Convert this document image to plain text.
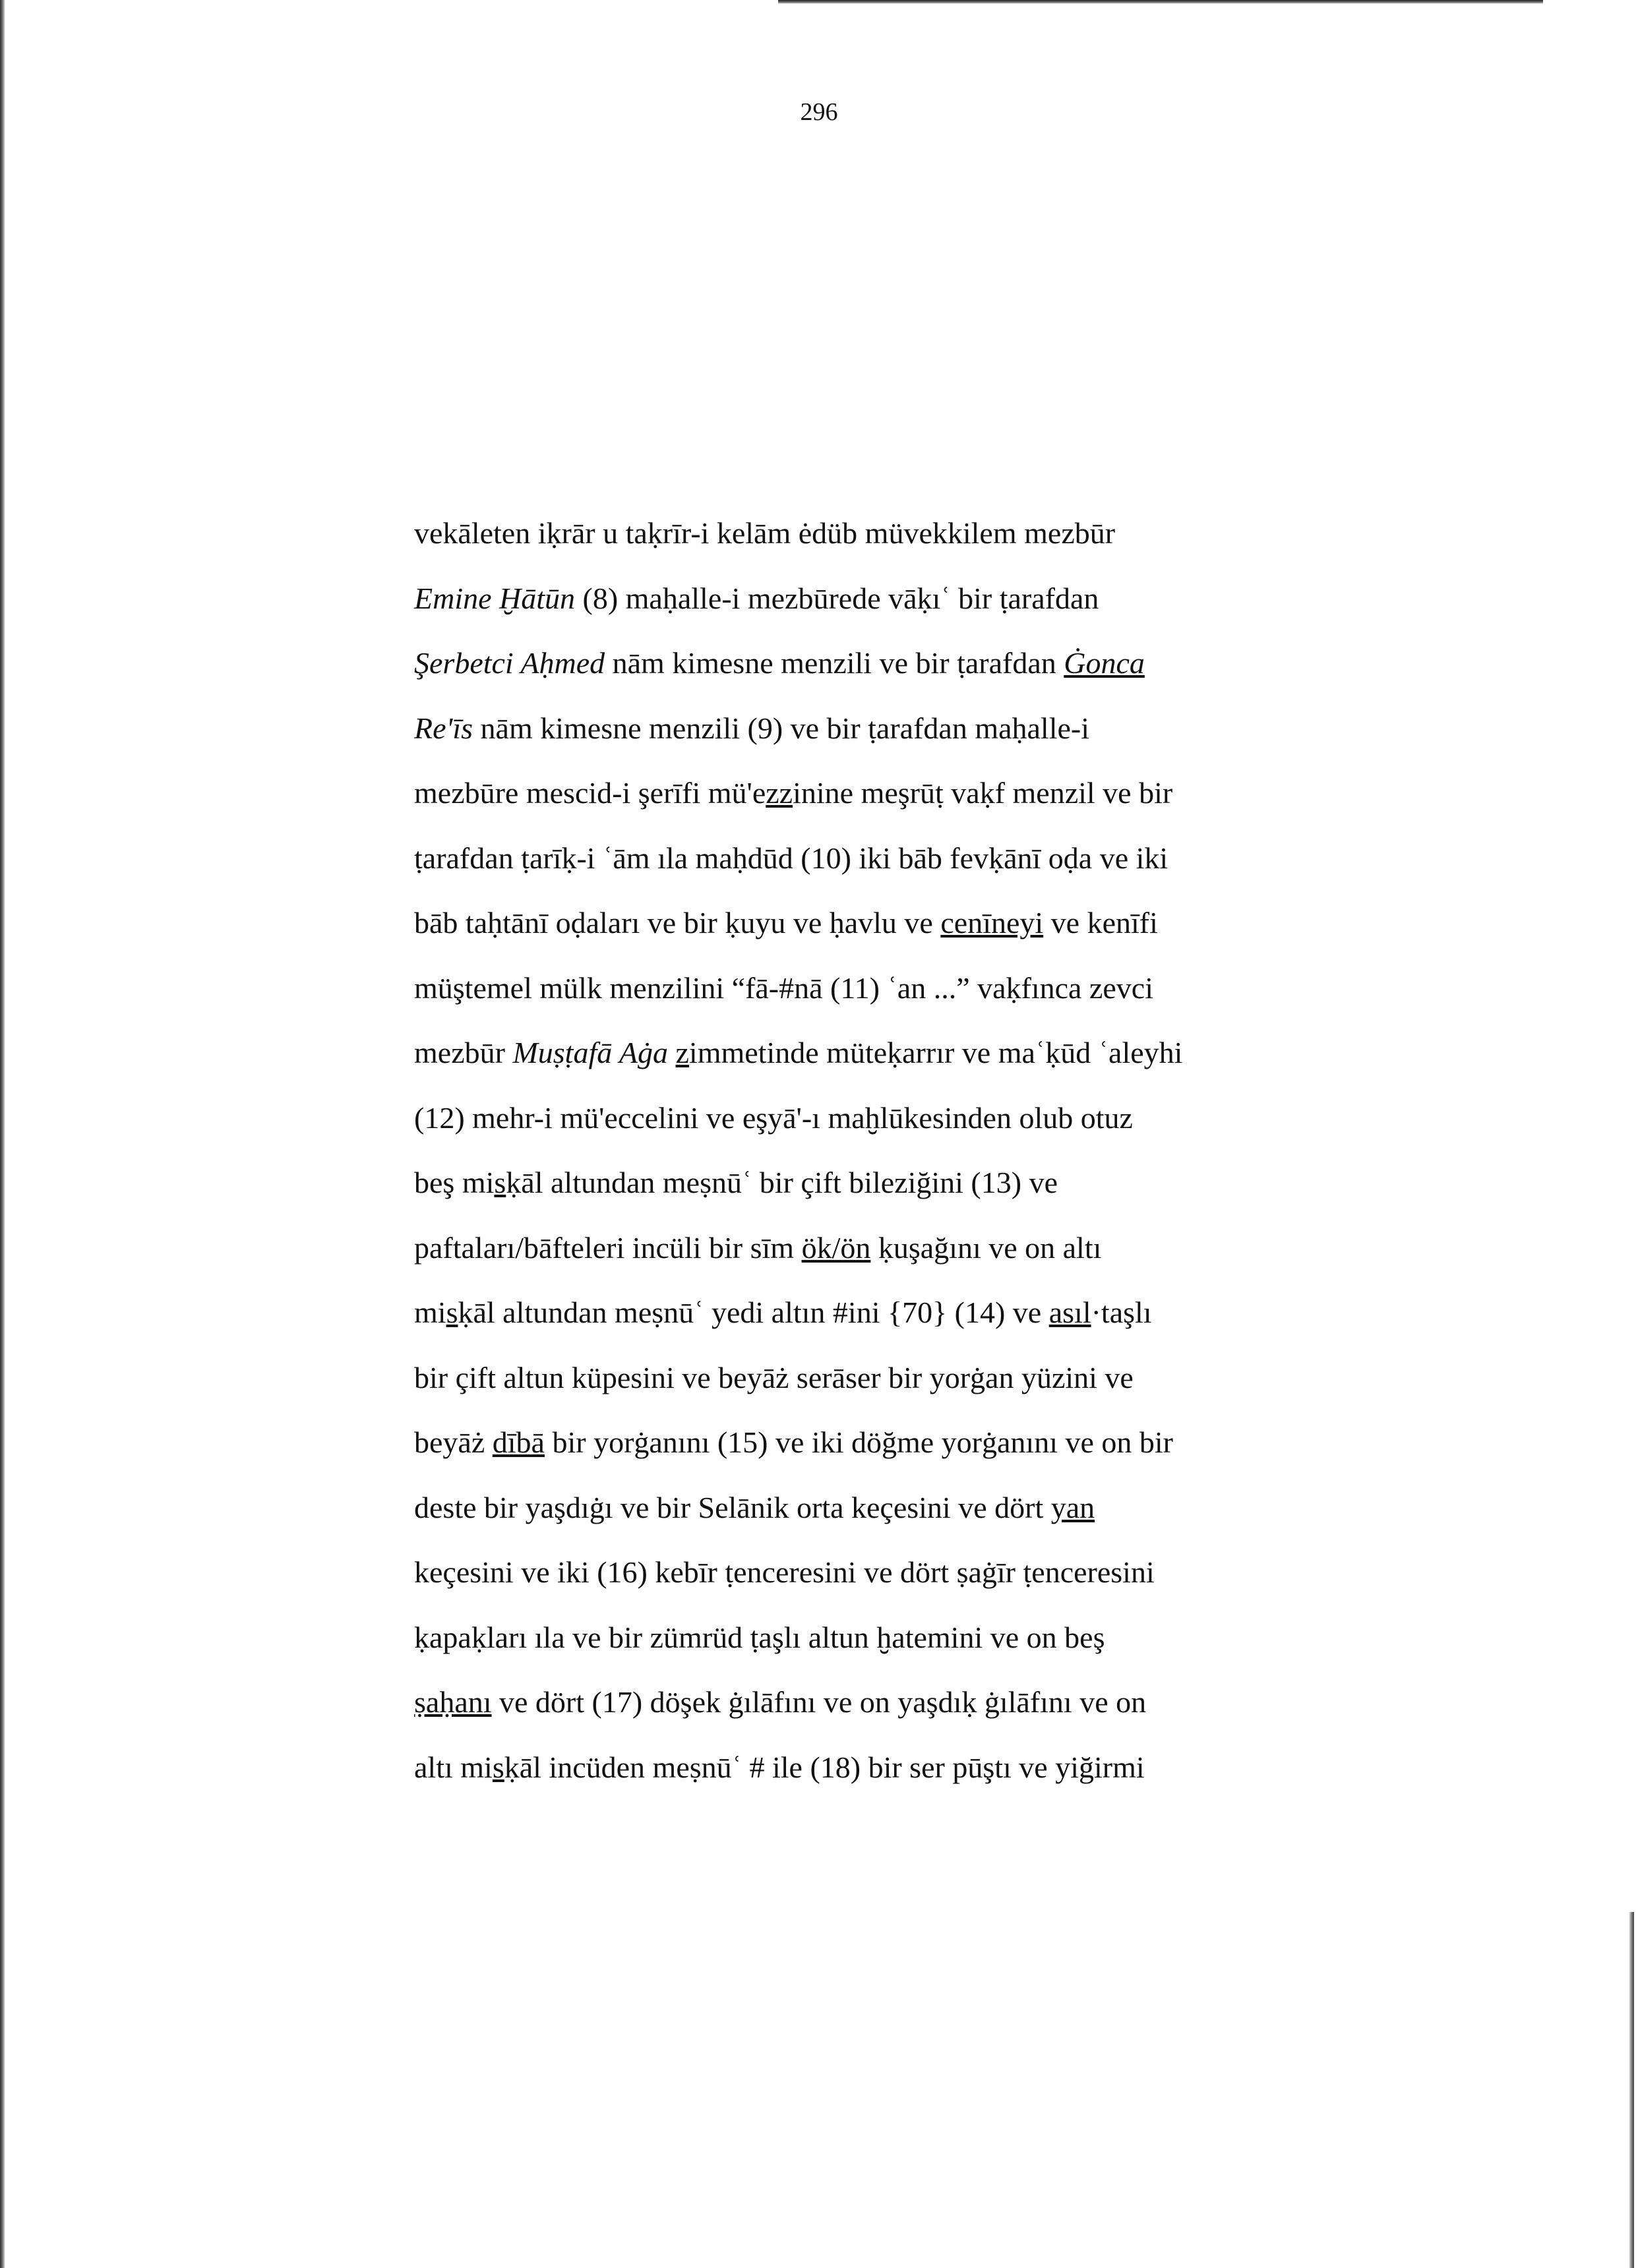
296
vekāleten iḳrār u taḳrīr-i kelām ėdüb müvekkilem mezbūr
Emine Ḫātūn (8) maḥalle-i mezbūrede vāḳıʿ bir ṭarafdan
Şerbetci Aḥmed nām kimesne menzili ve bir ṭarafdan Ġonca
Re'īs nām kimesne menzili (9) ve bir ṭarafdan maḥalle-i
mezbūre mescid-i şerīfi mü'ezzinine meşrūṭ vaḳf menzil ve bir
ṭarafdan ṭarīḳ-i ʿām ıla maḥdūd (10) iki bāb fevḳānī oḍa ve iki
bāb taḥtānī oḍaları ve bir ḳuyu ve ḥavlu ve cenīneyi ve kenīfi
müştemel mülk menzilini “fā-#nā (11) ʿan ...” vaḳfınca zevci
mezbūr Muṣṭafā Aġa zimmetinde müteḳarrır ve maʿḳūd ʿaleyhi
(12) mehr-i mü'eccelini ve eşyā'-ı maḫlūkesinden olub otuz
beş misḳāl altundan meṣnūʿ bir çift bileziğini (13) ve
paftaları/bāfteleri incüli bir sīm ök/ön ḳuşağını ve on altı
misḳāl altundan meṣnūʿ yedi altın #ini {70} (14) ve asıl·taşlı
bir çift altun küpesini ve beyāż serāser bir yorġan yüzini ve
beyāż dībā bir yorġanını (15) ve iki döğme yorġanını ve on bir
deste bir yaşdıġı ve bir Selānik orta keçesini ve dört yan
keçesini ve iki (16) kebīr ṭenceresini ve dört ṣaġīr ṭenceresini
ḳapaḳları ıla ve bir zümrüd ṭaşlı altun ḫatemini ve on beş
ṣaḥanı ve dört (17) döşek ġılāfını ve on yaşdıḳ ġılāfını ve on
altı misḳāl incüden meṣnūʿ # ile (18) bir ser pūştı ve yiğirmi
